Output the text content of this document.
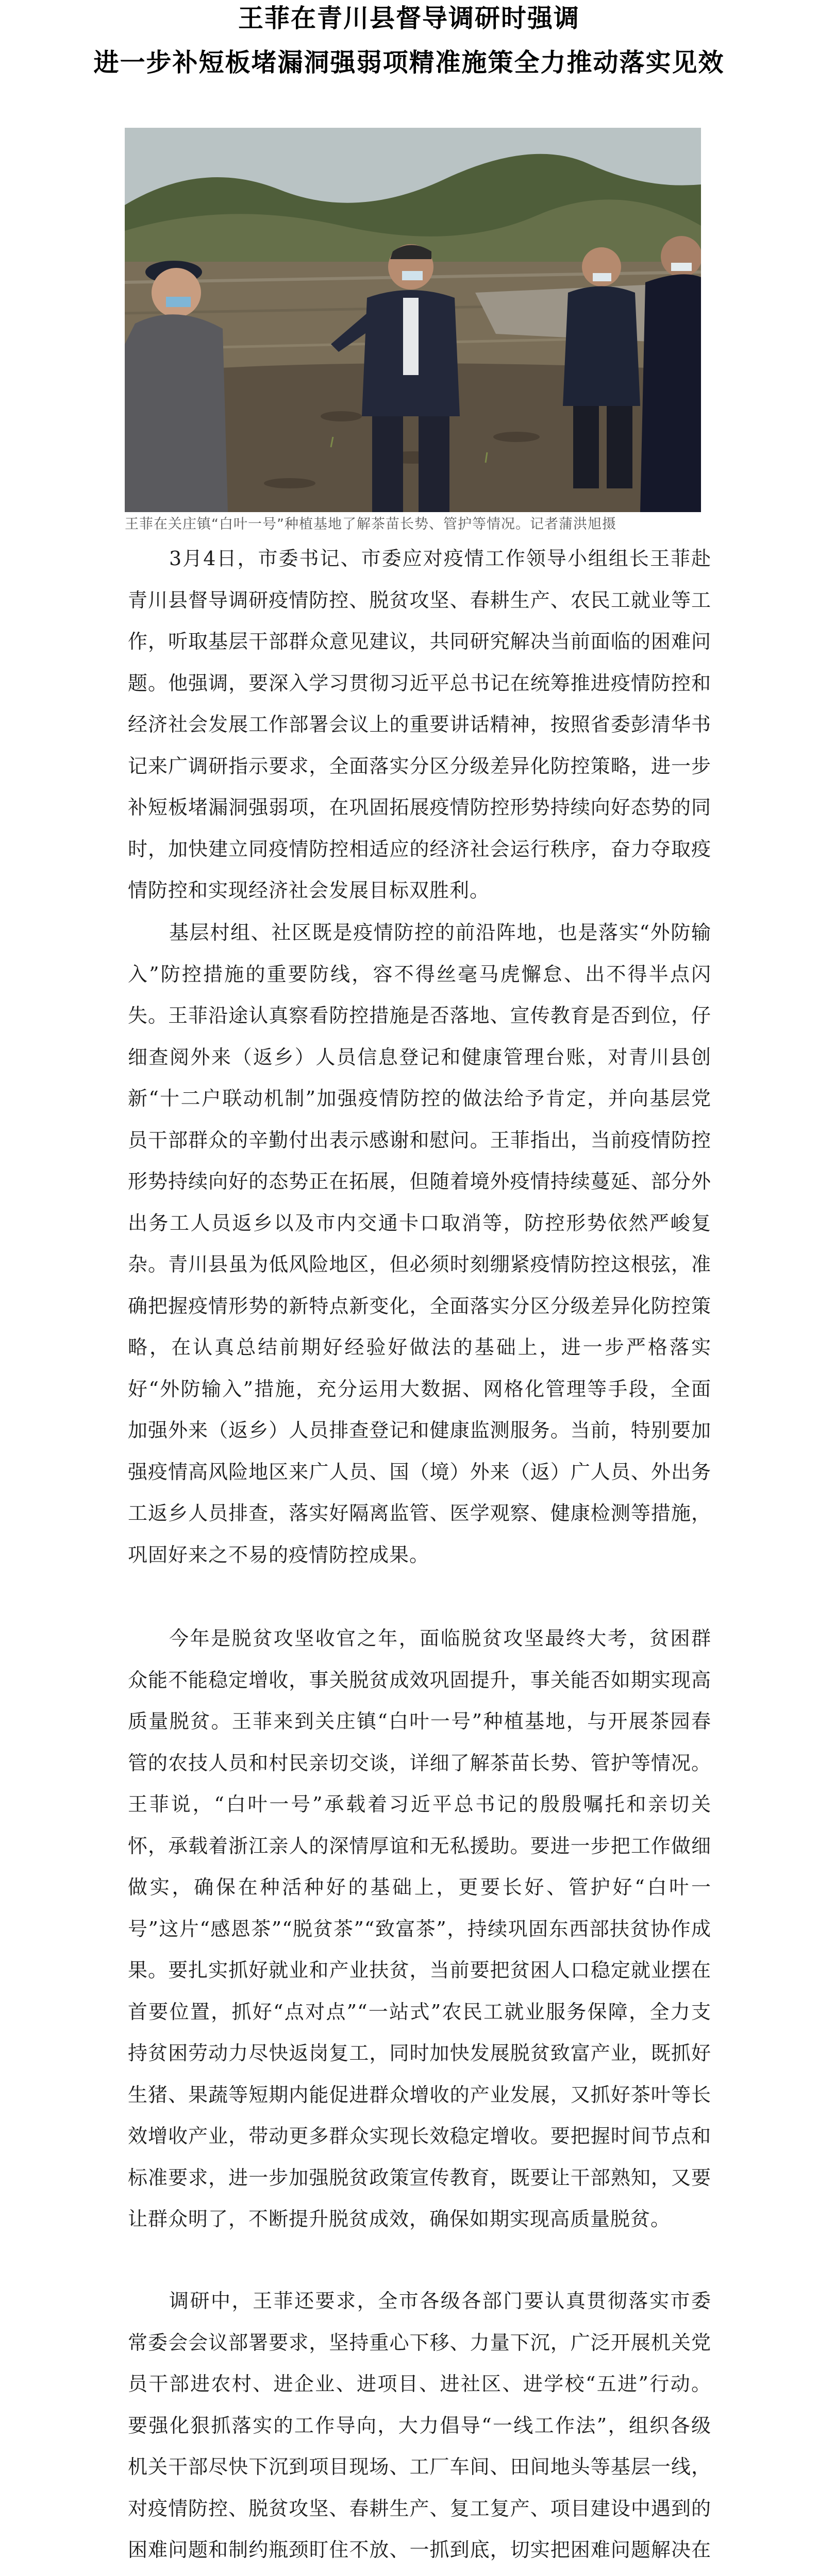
王菲在青川县督导调研时强调
进一步补短板堵漏洞强弱项精准施策全力推动落实见效
王菲在关庄镇“白叶一号”种植基地了解茶苗长势、管护等情况。记者蒲洪旭摄

3月4日，市委书记、市委应对疫情工作领导小组组长王菲赴青川县督导调研疫情防控、脱贫攻坚、春耕生产、农民工就业等工作，听取基层干部群众意见建议，共同研究解决当前面临的困难问题。他强调，要深入学习贯彻习近平总书记在统筹推进疫情防控和经济社会发展工作部署会议上的重要讲话精神，按照省委彭清华书记来广调研指示要求，全面落实分区分级差异化防控策略，进一步补短板堵漏洞强弱项，在巩固拓展疫情防控形势持续向好态势的同时，加快建立同疫情防控相适应的经济社会运行秩序，奋力夺取疫情防控和实现经济社会发展目标双胜利。

基层村组、社区既是疫情防控的前沿阵地，也是落实“外防输入”防控措施的重要防线，容不得丝毫马虎懈怠、出不得半点闪失。王菲沿途认真察看防控措施是否落地、宣传教育是否到位，仔细查阅外来（返乡）人员信息登记和健康管理台账，对青川县创新“十二户联动机制”加强疫情防控的做法给予肯定，并向基层党员干部群众的辛勤付出表示感谢和慰问。王菲指出，当前疫情防控形势持续向好的态势正在拓展，但随着境外疫情持续蔓延、部分外出务工人员返乡以及市内交通卡口取消等，防控形势依然严峻复杂。青川县虽为低风险地区，但必须时刻绷紧疫情防控这根弦，准确把握疫情形势的新特点新变化，全面落实分区分级差异化防控策略，在认真总结前期好经验好做法的基础上，进一步严格落实好“外防输入”措施，充分运用大数据、网格化管理等手段，全面加强外来（返乡）人员排查登记和健康监测服务。当前，特别要加强疫情高风险地区来广人员、国（境）外来（返）广人员、外出务工返乡人员排查，落实好隔离监管、医学观察、健康检测等措施，巩固好来之不易的疫情防控成果。

今年是脱贫攻坚收官之年，面临脱贫攻坚最终大考，贫困群众能不能稳定增收，事关脱贫成效巩固提升，事关能否如期实现高质量脱贫。王菲来到关庄镇“白叶一号”种植基地，与开展茶园春管的农技人员和村民亲切交谈，详细了解茶苗长势、管护等情况。王菲说，“白叶一号”承载着习近平总书记的殷殷嘱托和亲切关怀，承载着浙江亲人的深情厚谊和无私援助。要进一步把工作做细做实，确保在种活种好的基础上，更要长好、管护好“白叶一号”这片“感恩茶”“脱贫茶”“致富茶”，持续巩固东西部扶贫协作成果。要扎实抓好就业和产业扶贫，当前要把贫困人口稳定就业摆在首要位置，抓好“点对点”“一站式”农民工就业服务保障，全力支持贫困劳动力尽快返岗复工，同时加快发展脱贫致富产业，既抓好生猪、果蔬等短期内能促进群众增收的产业发展，又抓好茶叶等长效增收产业，带动更多群众实现长效稳定增收。要把握时间节点和标准要求，进一步加强脱贫政策宣传教育，既要让干部熟知，又要让群众明了，不断提升脱贫成效，确保如期实现高质量脱贫。

调研中，王菲还要求，全市各级各部门要认真贯彻落实市委常委会会议部署要求，坚持重心下移、力量下沉，广泛开展机关党员干部进农村、进企业、进项目、进社区、进学校“五进”行动。要强化狠抓落实的工作导向，大力倡导“一线工作法”，组织各级机关干部尽快下沉到项目现场、工厂车间、田间地头等基层一线，对疫情防控、脱贫攻坚、春耕生产、复工复产、项目建设中遇到的困难问题和制约瓶颈盯住不放、一抓到底，切实把困难问题解决在
